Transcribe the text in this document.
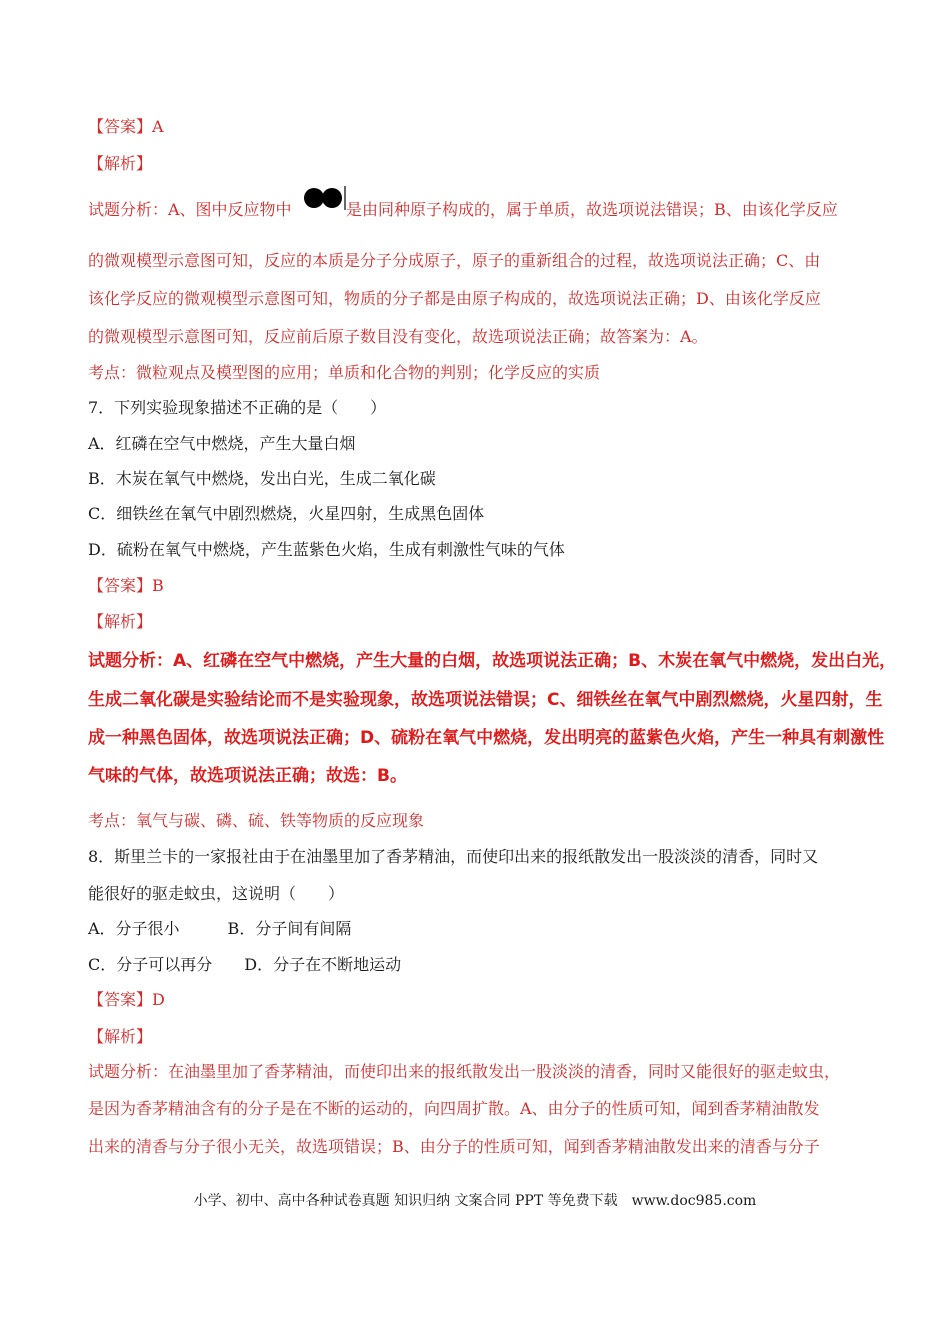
【答案】A
【解析】
试题分析：A、图中反应物中	是由同种原子构成的，属于单质，故选项说法错误；B、由该化学反应
的微观模型示意图可知，反应的本质是分子分成原子，原子的重新组合的过程，故选项说法正确；C、由
该化学反应的微观模型示意图可知，物质的分子都是由原子构成的，故选项说法正确；D、由该化学反应
的微观模型示意图可知，反应前后原子数目没有变化，故选项说法正确；故答案为：A。
考点：微粒观点及模型图的应用；单质和化合物的判别；化学反应的实质
7．下列实验现象描述不正确的是（　　）
A．红磷在空气中燃烧，产生大量白烟
B．木炭在氧气中燃烧，发出白光，生成二氧化碳
C．细铁丝在氧气中剧烈燃烧，火星四射，生成黑色固体
D．硫粉在氧气中燃烧，产生蓝紫色火焰，生成有刺激性气味的气体
【答案】B
【解析】
试题分析：A、红磷在空气中燃烧，产生大量的白烟，故选项说法正确；B、木炭在氧气中燃烧，发出白光，
生成二氧化碳是实验结论而不是实验现象，故选项说法错误；C、细铁丝在氧气中剧烈燃烧，火星四射，生
成一种黑色固体，故选项说法正确；D、硫粉在氧气中燃烧，发出明亮的蓝紫色火焰，产生一种具有刺激性
气味的气体，故选项说法正确；故选：B。
考点：氧气与碳、磷、硫、铁等物质的反应现象
8．斯里兰卡的一家报社由于在油墨里加了香茅精油，而使印出来的报纸散发出一股淡淡的清香，同时又
能很好的驱走蚊虫，这说明（　　）
A．分子很小　　　B．分子间有间隔
C．分子可以再分　　D．分子在不断地运动
【答案】D
【解析】
试题分析：在油墨里加了香茅精油，而使印出来的报纸散发出一股淡淡的清香，同时又能很好的驱走蚊虫，
是因为香茅精油含有的分子是在不断的运动的，向四周扩散。A、由分子的性质可知，闻到香茅精油散发
出来的清香与分子很小无关，故选项错误；B、由分子的性质可知，闻到香茅精油散发出来的清香与分子
小学、初中、高中各种试卷真题 知识归纳 文案合同 PPT 等免费下载　www.doc985.com
